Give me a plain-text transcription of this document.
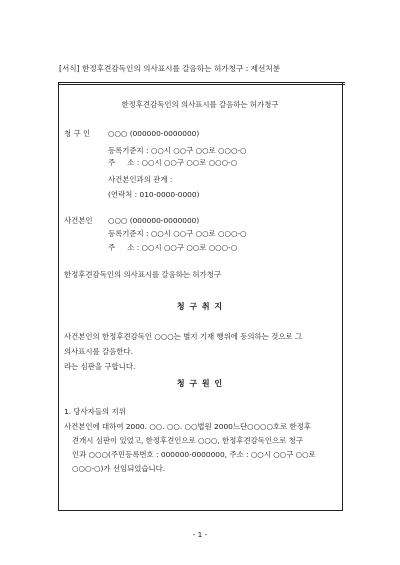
[서식] 한정후견감독인의 의사표시를 갈음하는 허가청구 : 제선처분
한정후견감독인의 의사표시를 갈음하는 허가청구
청 구 인 ○○○ (000000-0000000)
등록기준지 : ○○시 ○○구 ○○로 ○○○-○
주 　 소 : ○○시 ○○구 ○○로 ○○○-○
사건본인과의 관계 :
(연락처 : 010-0000-0000)
사건본인 ○○○ (000000-0000000)
등록기준지 : ○○시 ○○구 ○○로 ○○○-○
주 　 소 : ○○시 ○○구 ○○로 ○○○-○
한정후견감독인의 의사표시를 갈음하는 허가청구
청 구 취 지
사건본인의 한정후견감독인 ○○○는 별지 기재 행위에 동의하는 것으로 그
의사표시를 갈음한다.
라는 심판을 구합니다.
청 구 원 인
1. 당사자들의 지위
사건본인에 대하여 2000. ○○. ○○. ○○법원 2000느단○○○○호로 한정후
견개시 심판이 있었고, 한정후견인으로 ○○○, 한정후견감독인으로 청구
인과 ○○○(주민등록번호 : 000000-0000000, 주소 : ○○시 ○○구 ○○로
○○○-○)가 선임되었습니다.
- 1 -
